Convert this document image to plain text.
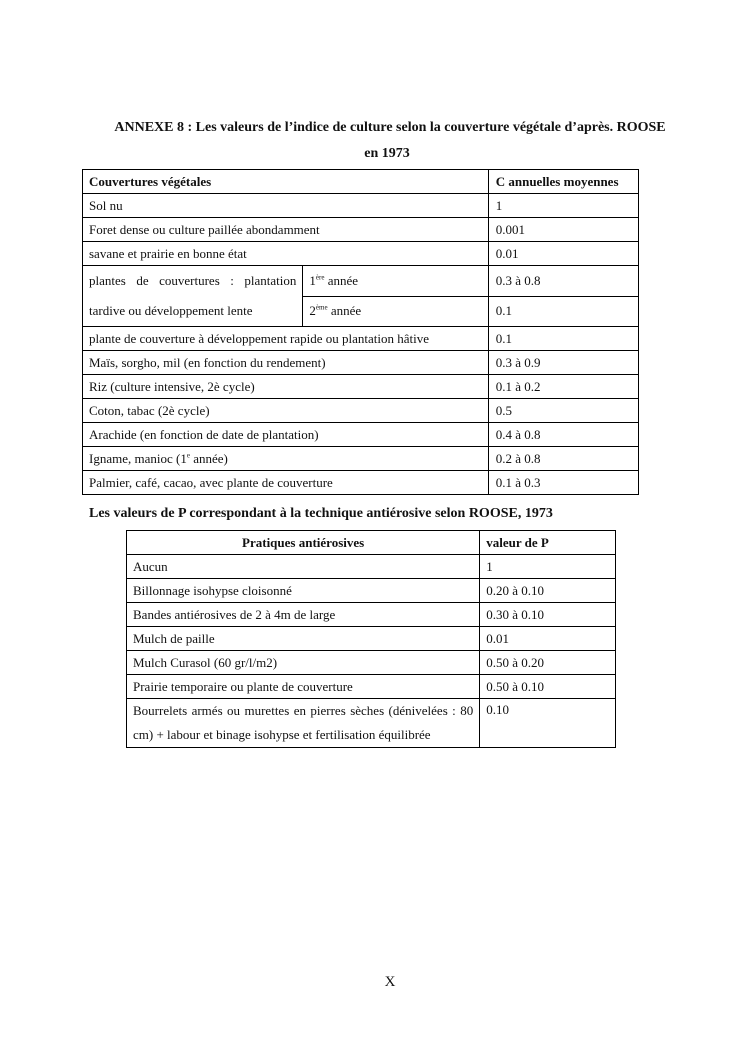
ANNEXE 8 : Les valeurs de l’indice de culture selon la couverture végétale d’après. ROOSE
en 1973
Couvertures végétales		C annuelles moyennes
Sol nu		1
Foret dense ou culture paillée abondamment		0.001
savane et prairie en bonne état		0.01

plantes de couvertures : plantation
tardive ou développement lente	1ère année	0.3 à 0.8
	2ème année	0.1
plante de couverture à développement rapide ou plantation hâtive		0.1
Maïs, sorgho, mil (en fonction du rendement)		0.3 à 0.9
Riz (culture intensive, 2è cycle)		0.1 à 0.2
Coton, tabac (2è cycle)		0.5
Arachide (en fonction de date de plantation)		0.4 à 0.8
Igname, manioc (1e année)		0.2 à 0.8
Palmier, café, cacao, avec plante de couverture		0.1 à 0.3
Les valeurs de P correspondant à la technique antiérosive selon ROOSE, 1973
Pratiques antiérosives	valeur de P
Aucun	1
Billonnage isohypse cloisonné	0.20 à 0.10
Bandes antiérosives de 2 à 4m de large	0.30 à 0.10
Mulch de paille	0.01
Mulch Curasol (60 gr/l/m2)	0.50 à 0.20
Prairie temporaire ou plante de couverture	0.50 à 0.10
Bourrelets armés ou murettes en pierres sèches (dénivelées : 80 cm) + labour et binage isohypse et fertilisation équilibrée	0.10
X
